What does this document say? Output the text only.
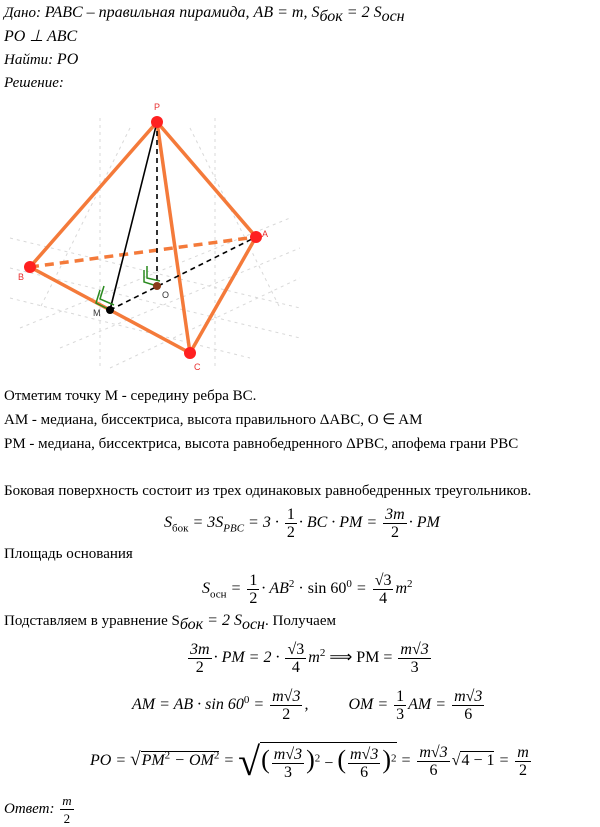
Дано: PABC – правильная пирамида, AB = m, $S_{бок} = 2$ $S_{осн}$
PO ⊥ ABC
Найти: PO
Решение:
P
A
B
C
M
O
Отметим точку M - середину ребра BC.
AM - медиана, биссектриса, высота правильного ΔABC, O ∈ AM
PM - медиана, биссектриса, высота равнобедренного ΔPBC, апофема грани PBC
Боковая поверхность состоит из трех одинаковых равнобедренных треугольников.
$S_{бок} = 3S_{PBC} = 3 \cdot \frac{1}{2}$ · BC · PM = $\frac{3m}{2}$ · PM
Площадь основания
$S_{осн} = \frac{1}{2} \cdot AB^2 \cdot \sin 60^0 = \frac{√3}{4} m^2$
Подставляем в уравнение $S_{бок} = 2$ $S_{осн}$. Получаем
$\frac{3m}{2}$ · PM = $2 \cdot \frac{√3}{4} m^2$ ⟹ PM = $\frac{m√3}{3}$
AM = AB · $\sin 60^0 = \frac{m√3}{2}$ ,	OM = $\frac{1}{3}$ AM = $\frac{m√3}{6}$
PO = $√PM^2 - OM^2$ = √( $\frac{m√3}{3} )^2$ − ( $\frac{m√3}{6} )^2 = \frac{m√3}{6} √4 - 1 = \frac{m}{2}$
Ответ: $\frac{m}{2}$
